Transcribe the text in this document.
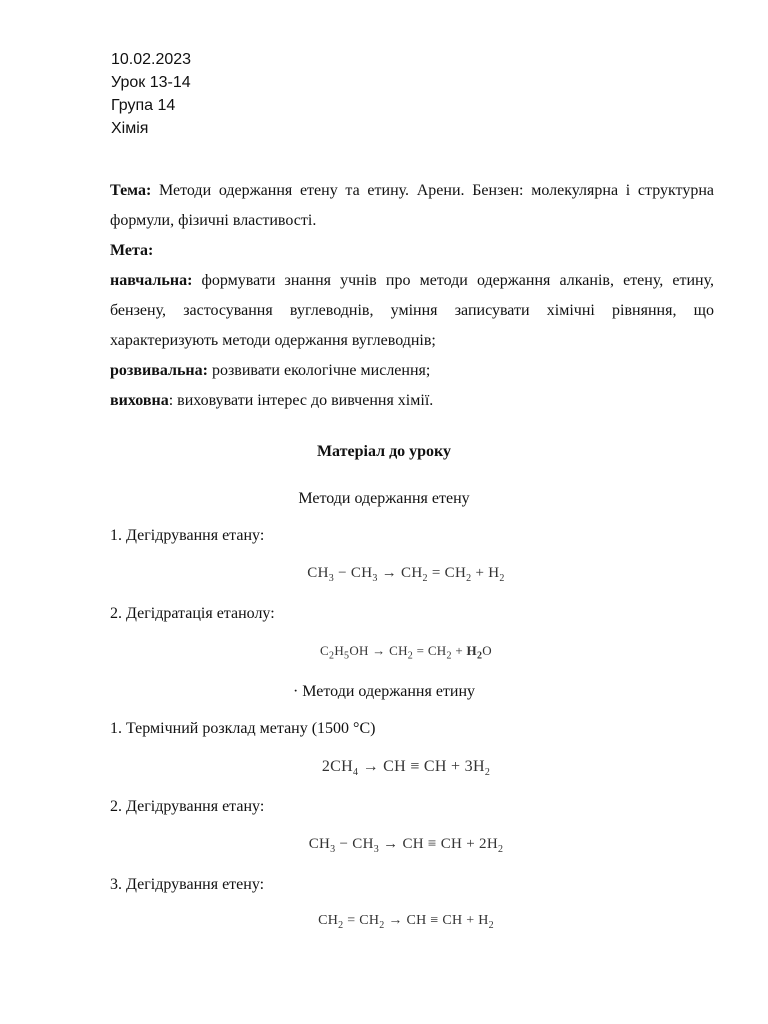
10.02.2023
Урок 13-14
Група 14
Хімія

Тема: Методи одержання етену та етину. Арени. Бензен: молекулярна і структурна формули, фізичні властивості.

Мета:

навчальна: формувати знання учнів про методи одержання алканів, етену, етину, бензену, застосування вуглеводнів, уміння записувати хімічні рівняння, що характеризують методи одержання вуглеводнів;

розвивальна: розвивати екологічне мислення;

виховна: виховувати інтерес до вивчення хімії.

Матеріал до уроку
Методи одержання етену
1. Дегідрування етану:
$CH_3 - CH_3 \to CH_2 = CH_2 + H_2$
2. Дегідратація етанолу:
$C_2H_5OH \to CH_2 = CH_2 + H_2O$
· Методи одержання етину
1. Термічний розклад метану (1500 °С)
$2CH_4$ → CH ≡ CH + $3H_2$
2. Дегідрування етану:
$CH_3 - CH_3$ → CH ≡ CH + $2H_2$
3. Дегідрування етену:
$CH_2 = CH_2$ → CH ≡ CH + $H_2$
